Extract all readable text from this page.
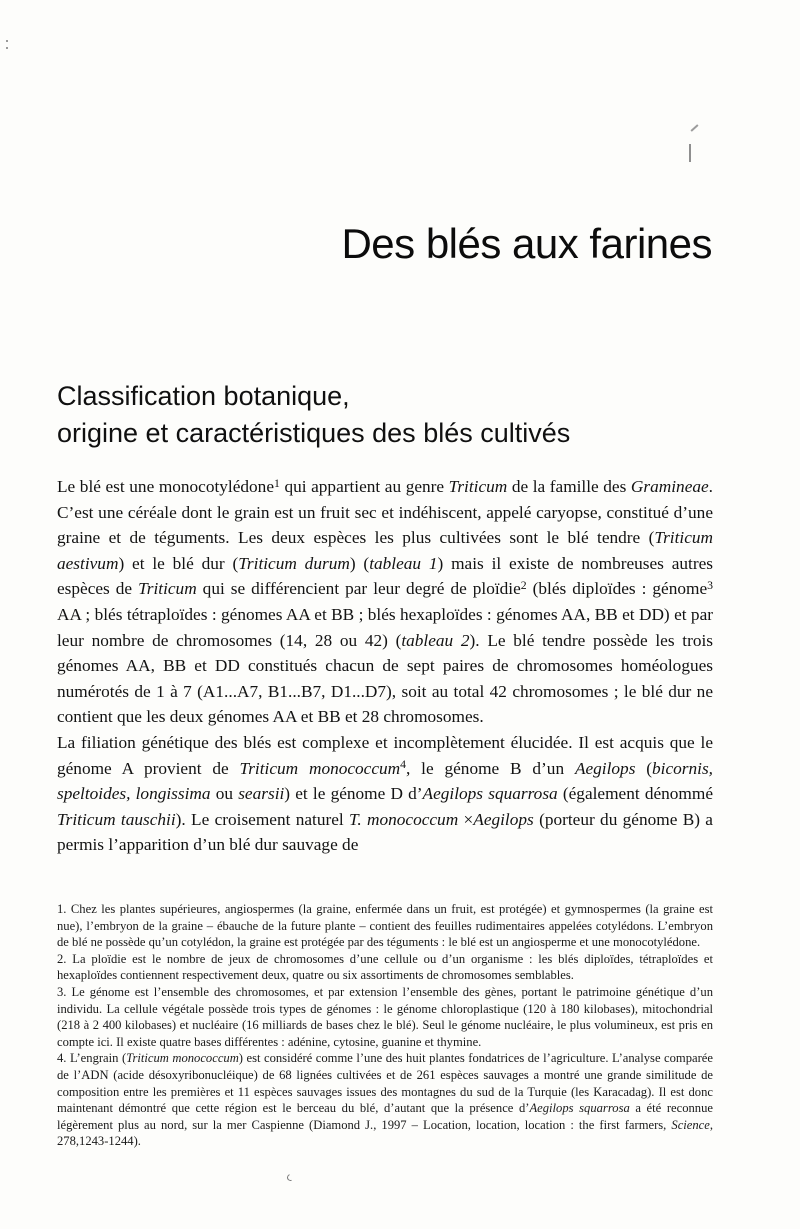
Des blés aux farines
Classification botanique,
origine et caractéristiques des blés cultivés

Le blé est une monocotylédone$^1$ qui appartient au genre Triticum de la famille des Gramineae. C’est une céréale dont le grain est un fruit sec et indéhiscent, appelé caryopse, constitué d’une graine et de téguments. Les deux espèces les plus cultivées sont le blé tendre (Triticum aestivum) et le blé dur (Triticum durum) (tableau 1) mais il existe de nombreuses autres espèces de Triticum qui se différencient par leur degré de ploïdie$^2$ (blés diploïdes : génome$^3$ AA ; blés tétraploïdes : génomes AA et BB ; blés hexaploïdes : génomes AA, BB et DD) et par leur nombre de chromosomes (14, 28 ou 42) (tableau 2). Le blé tendre possède les trois génomes AA, BB et DD constitués chacun de sept paires de chromosomes homéologues numérotés de 1 à 7 (A1...A7, B1...B7, D1...D7), soit au total 42 chromosomes ; le blé dur ne contient que les deux génomes AA et BB et 28 chromosomes.

La filiation génétique des blés est complexe et incomplètement élucidée. Il est acquis que le génome A provient de Triticum monococcum$^4$, le génome B d’un Aegilops (bicornis, speltoides, longissima ou searsii) et le génome D d’Aegilops squarrosa (également dénommé Triticum tauschii). Le croisement naturel T. monococcum ×Aegilops (porteur du génome B) a permis l’apparition d’un blé dur sauvage de

1. Chez les plantes supérieures, angiospermes (la graine, enfermée dans un fruit, est protégée) et gymnospermes (la graine est nue), l’embryon de la graine – ébauche de la future plante – contient des feuilles rudimentaires appelées cotylédons. L’embryon de blé ne possède qu’un cotylédon, la graine est protégée par des téguments : le blé est un angiosperme et une monocotylédone.

2. La ploïdie est le nombre de jeux de chromosomes d’une cellule ou d’un organisme : les blés diploïdes, tétraploïdes et hexaploïdes contiennent respectivement deux, quatre ou six assortiments de chromosomes semblables.

3. Le génome est l’ensemble des chromosomes, et par extension l’ensemble des gènes, portant le patrimoine génétique d’un individu. La cellule végétale possède trois types de génomes : le génome chloroplastique (120 à 180 kilobases), mitochondrial (218 à 2 400 kilobases) et nucléaire (16 milliards de bases chez le blé). Seul le génome nucléaire, le plus volumineux, est pris en compte ici. Il existe quatre bases différentes : adénine, cytosine, guanine et thymine.

4. L’engrain (Triticum monococcum) est considéré comme l’une des huit plantes fondatrices de l’agriculture. L’analyse comparée de l’ADN (acide désoxyribonucléique) de 68 lignées cultivées et de 261 espèces sauvages a montré une grande similitude de composition entre les premières et 11 espèces sauvages issues des montagnes du sud de la Turquie (les Karacadag). Il est donc maintenant démontré que cette région est le berceau du blé, d’autant que la présence d’Aegilops squarrosa a été reconnue légèrement plus au nord, sur la mer Caspienne (Diamond J., 1997 – Location, location, location : the first farmers, Science, 278,1243-1244).
